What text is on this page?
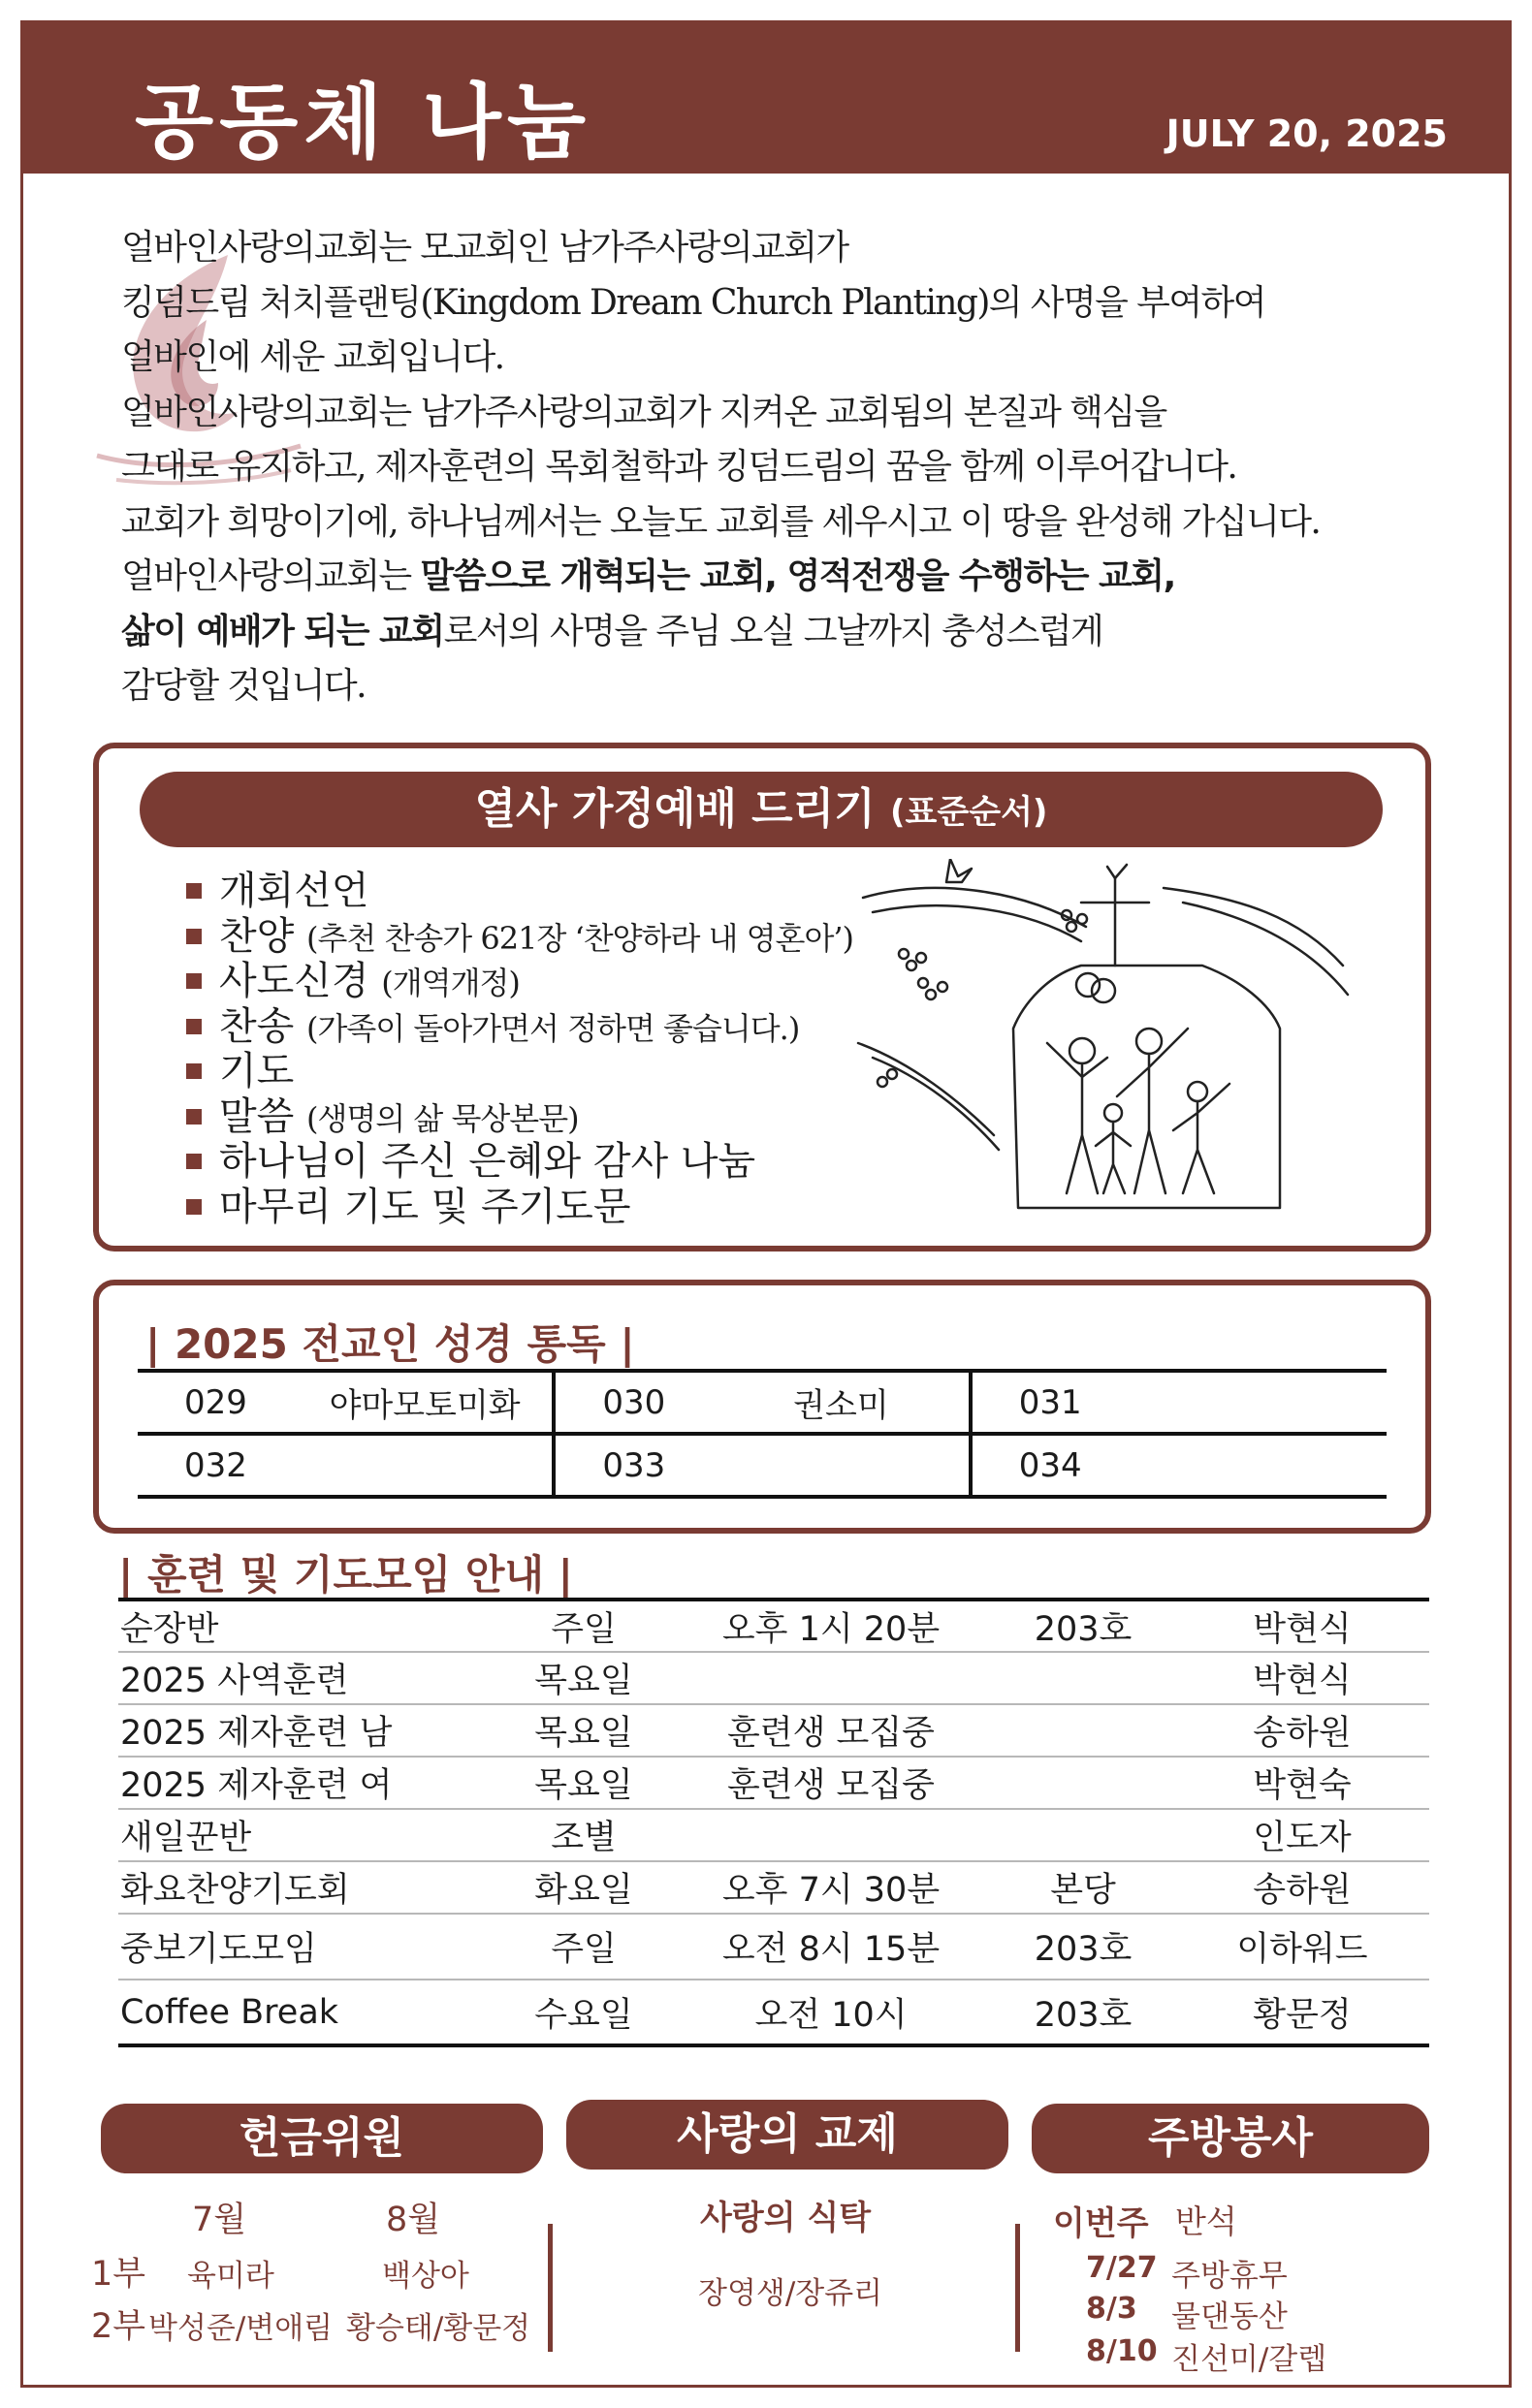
공동체 나눔	JULY 20, 2025
얼바인사랑의교회는 모교회인 남가주사랑의교회가
킹덤드림 처치플랜팅(Kingdom Dream Church Planting)의 사명을 부여하여
얼바인에 세운 교회입니다.
얼바인사랑의교회는 남가주사랑의교회가 지켜온 교회됨의 본질과 핵심을
그대로 유지하고, 제자훈련의 목회철학과 킹덤드림의 꿈을 함께 이루어갑니다.
교회가 희망이기에, 하나님께서는 오늘도 교회를 세우시고 이 땅을 완성해 가십니다.
얼바인사랑의교회는 말씀으로 개혁되는 교회, 영적전쟁을 수행하는 교회,
삶이 예배가 되는 교회로서의 사명을 주님 오실 그날까지 충성스럽게
감당할 것입니다.
열사 가정예배 드리기 (표준순서)
개회선언
찬양 (추천 찬송가 621장 ‘찬양하라 내 영혼아’)
사도신경 (개역개정)
찬송 (가족이 돌아가면서 정하면 좋습니다.)
기도
말씀 (생명의 삶 묵상본문)
하나님이 주신 은혜와 감사 나눔
마무리 기도 및 주기도문
| 2025 전교인 성경 통독 |
029	야마모토미화	030	권소미	031	
032		033		034	
| 훈련 및 기도모임 안내 |
순장반	주일	오후 1시 20분	203호	박현식
2025 사역훈련	목요일			박현식
2025 제자훈련 남	목요일	훈련생 모집중		송하원
2025 제자훈련 여	목요일	훈련생 모집중		박현숙
새일꾼반	조별			인도자
화요찬양기도회	화요일	오후 7시 30분	본당	송하원
중보기도모임	주일	오전 8시 15분	203호	이하워드
Coffee Break	수요일	오전 10시	203호	황문정
헌금위원	사랑의 교제	주방봉사
7월	8월
1부 육미라	백상아
2부 박성준/변애림 황승태/황문정
사랑의 식탁
장영생/장쥬리
이번주 반석
7/27 주방휴무
8/3 물댄동산
8/10 진선미/갈렙
